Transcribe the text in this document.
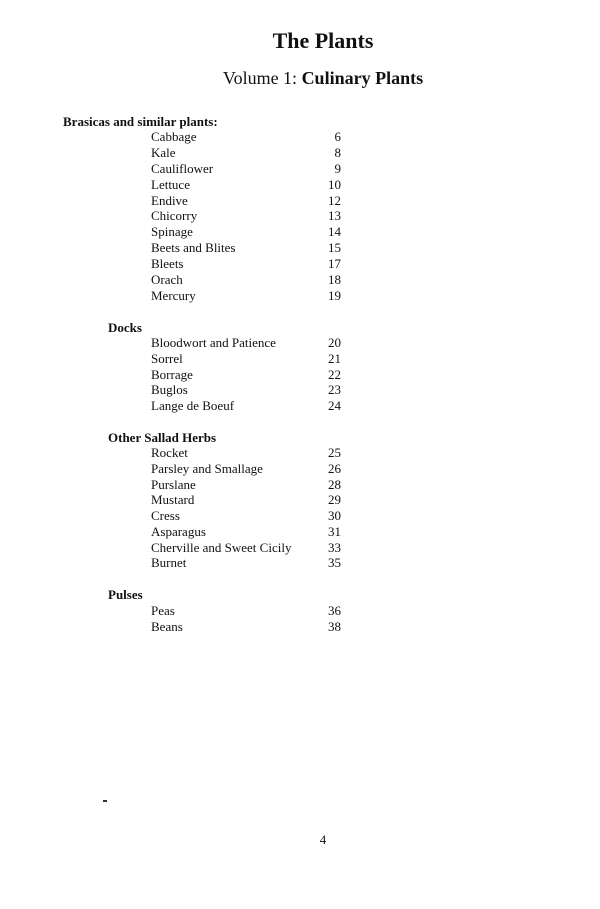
The Plants
Volume 1: Culinary Plants
Brasicas and similar plants:
Cabbage	6
Kale	8
Cauliflower	9
Lettuce	10
Endive	12
Chicorry	13
Spinage	14
Beets and Blites	15
Bleets	17
Orach	18
Mercury	19
Docks
Bloodwort and Patience	20
Sorrel	21
Borrage	22
Buglos	23
Lange de Boeuf	24
Other Sallad Herbs
Rocket	25
Parsley and Smallage	26
Purslane	28
Mustard	29
Cress	30
Asparagus	31
Cherville and Sweet Cicily	33
Burnet	35
Pulses
Peas	36
Beans	38
4
